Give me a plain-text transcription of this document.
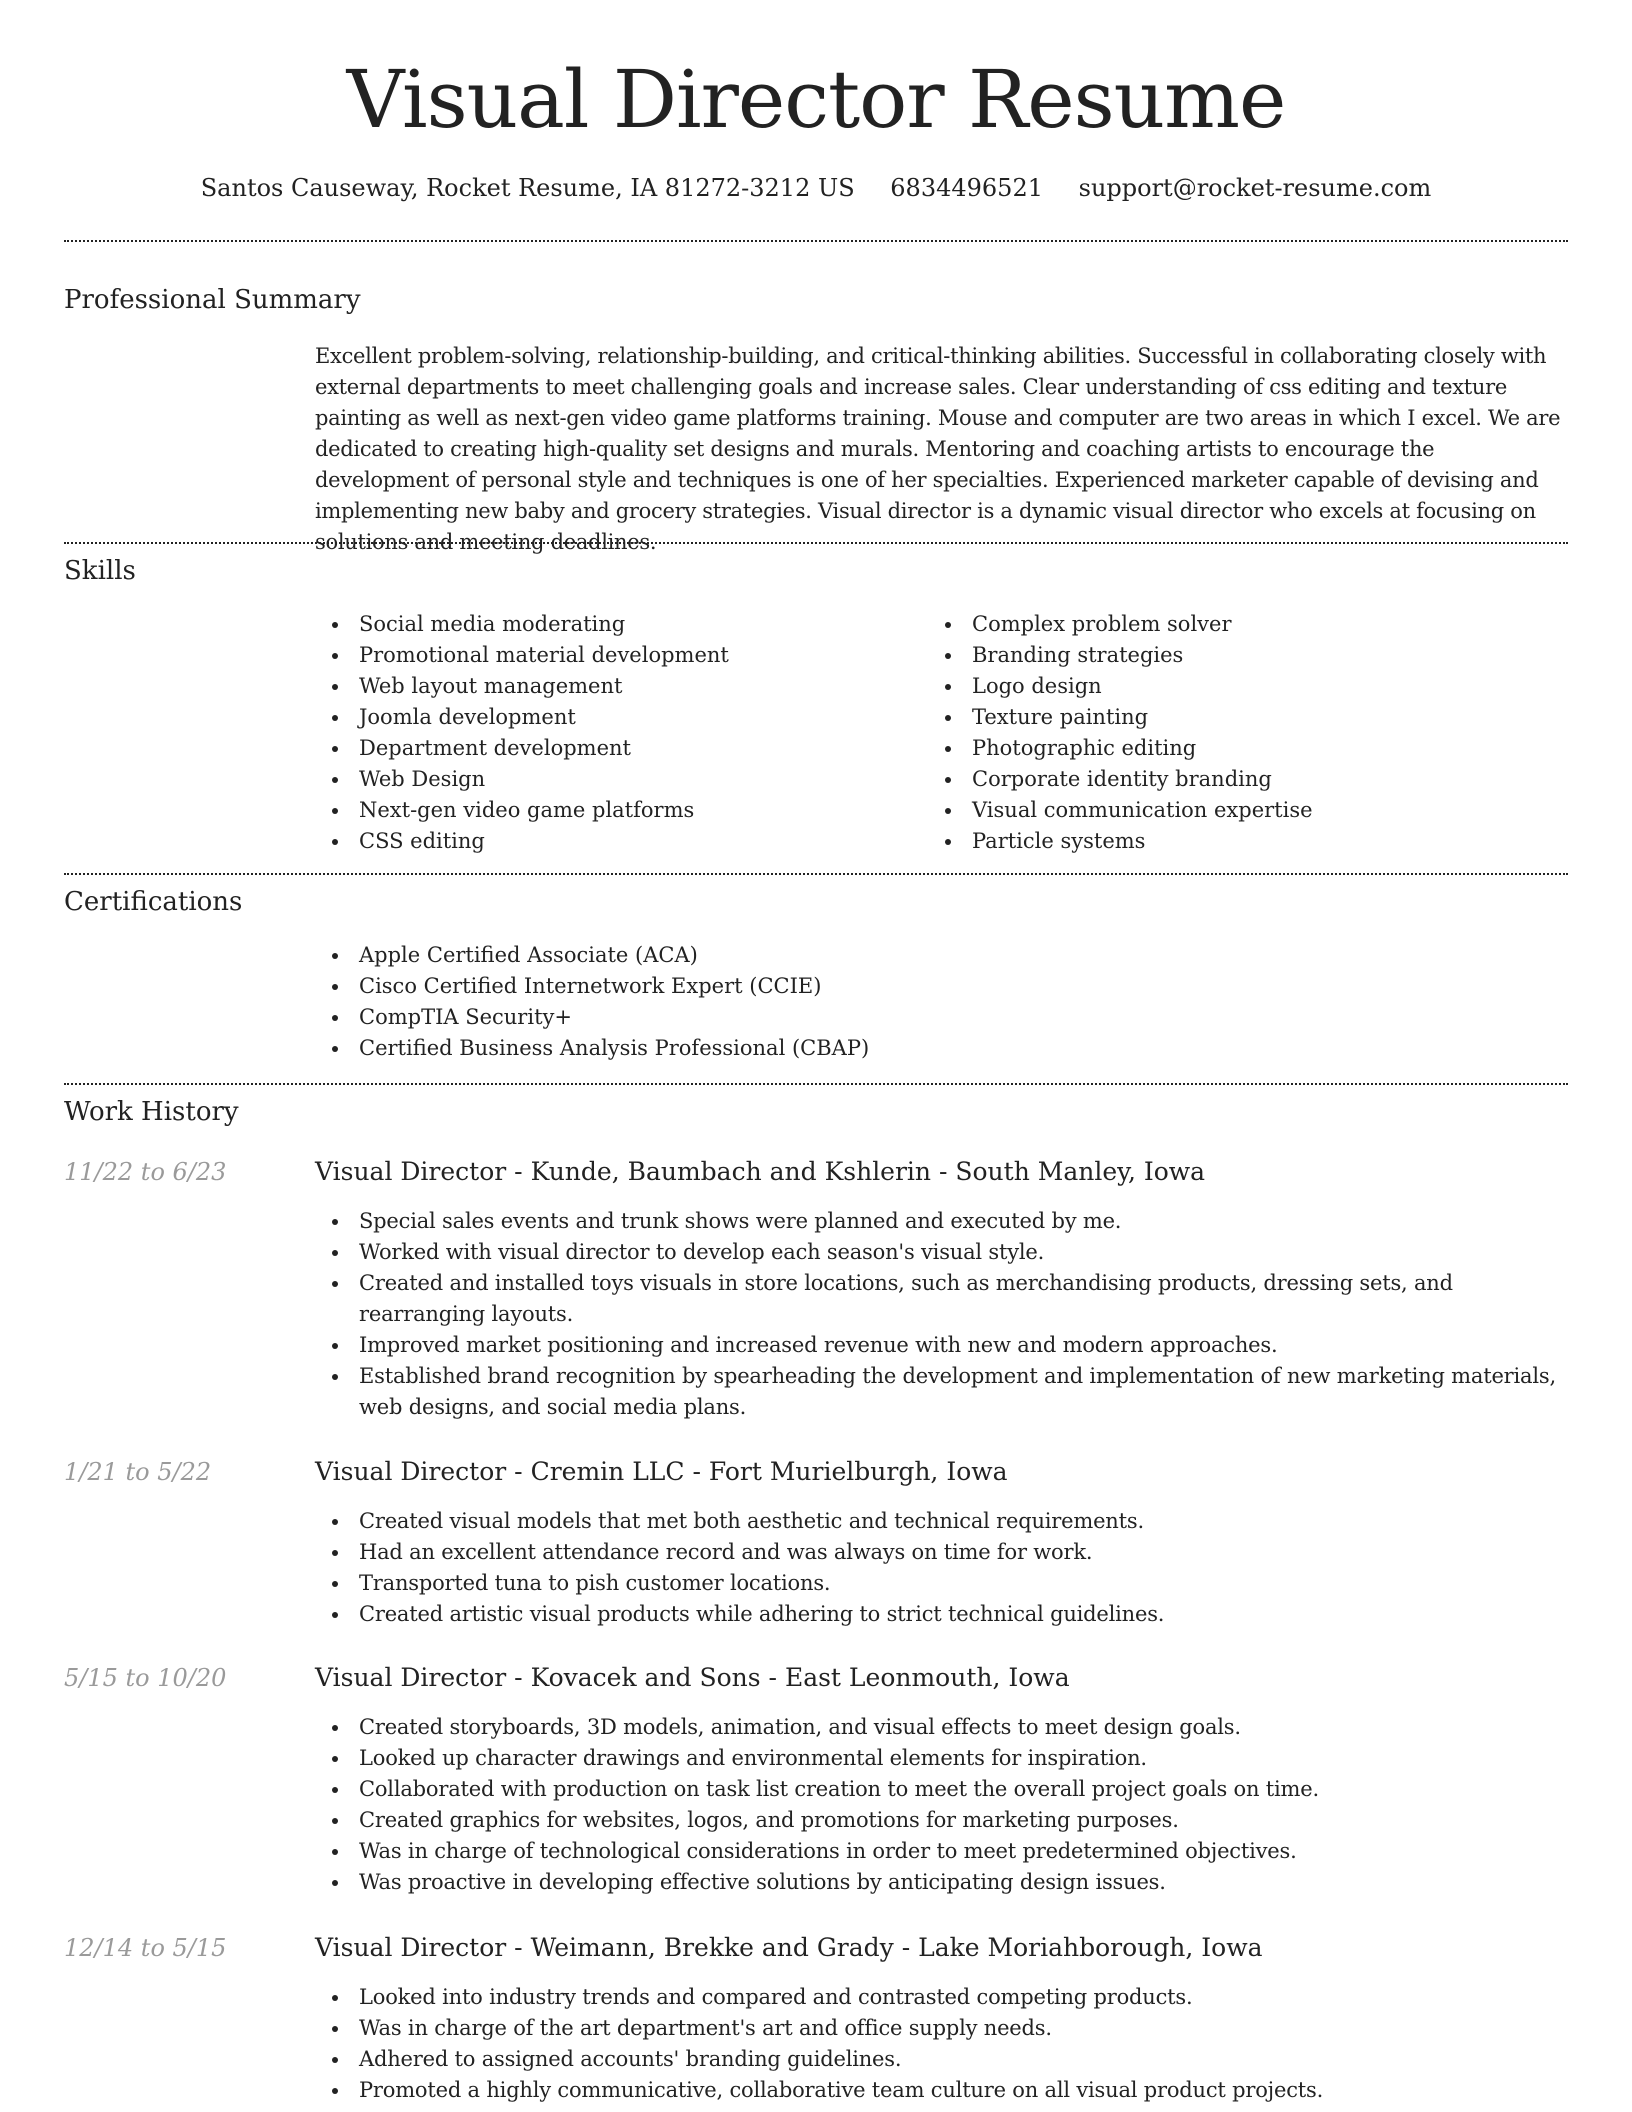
Visual Director Resume
Santos Causeway, Rocket Resume, IA 81272-3212 US 6834496521 support@rocket-resume.com
Professional Summary
Excellent problem-solving, relationship-building, and critical-thinking abilities. Successful in collaborating closely with external departments to meet challenging goals and increase sales. Clear understanding of css editing and texture painting as well as next-gen video game platforms training. Mouse and computer are two areas in which I excel. We are dedicated to creating high-quality set designs and murals. Mentoring and coaching artists to encourage the development of personal style and techniques is one of her specialties. Experienced marketer capable of devising and implementing new baby and grocery strategies. Visual director is a dynamic visual director who excels at focusing on solutions and meeting deadlines.
Skills
Social media moderating
Promotional material development
Web layout management
Joomla development
Department development
Web Design
Next-gen video game platforms
CSS editing
Complex problem solver
Branding strategies
Logo design
Texture painting
Photographic editing
Corporate identity branding
Visual communication expertise
Particle systems
Certifications
Apple Certified Associate (ACA)
Cisco Certified Internetwork Expert (CCIE)
CompTIA Security+
Certified Business Analysis Professional (CBAP)
Work History
11/22 to 6/23	Visual Director - Kunde, Baumbach and Kshlerin - South Manley, Iowa
Special sales events and trunk shows were planned and executed by me.
Worked with visual director to develop each season's visual style.
Created and installed toys visuals in store locations, such as merchandising products, dressing sets, and rearranging layouts.
Improved market positioning and increased revenue with new and modern approaches.
Established brand recognition by spearheading the development and implementation of new marketing materials, web designs, and social media plans.
1/21 to 5/22	Visual Director - Cremin LLC - Fort Murielburgh, Iowa
Created visual models that met both aesthetic and technical requirements.
Had an excellent attendance record and was always on time for work.
Transported tuna to pish customer locations.
Created artistic visual products while adhering to strict technical guidelines.
5/15 to 10/20	Visual Director - Kovacek and Sons - East Leonmouth, Iowa
Created storyboards, 3D models, animation, and visual effects to meet design goals.
Looked up character drawings and environmental elements for inspiration.
Collaborated with production on task list creation to meet the overall project goals on time.
Created graphics for websites, logos, and promotions for marketing purposes.
Was in charge of technological considerations in order to meet predetermined objectives.
Was proactive in developing effective solutions by anticipating design issues.
12/14 to 5/15	Visual Director - Weimann, Brekke and Grady - Lake Moriahborough, Iowa
Looked into industry trends and compared and contrasted competing products.
Was in charge of the art department's art and office supply needs.
Adhered to assigned accounts' branding guidelines.
Promoted a highly communicative, collaborative team culture on all visual product projects.
